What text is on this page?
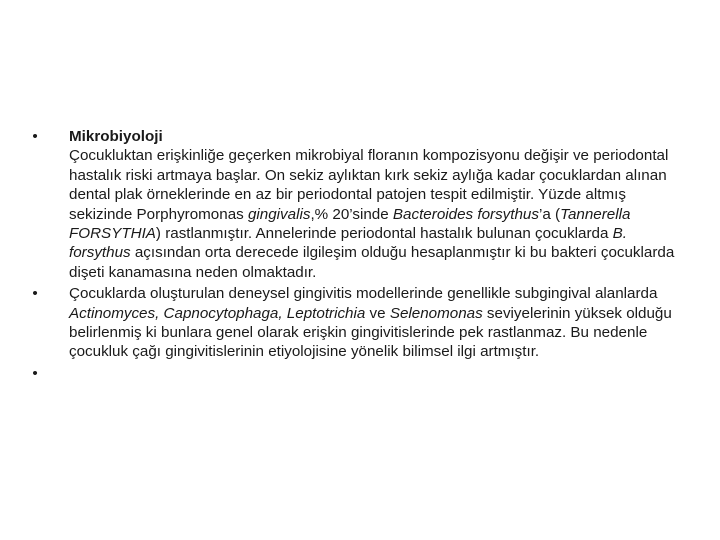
• Mikrobiyoloji
Çocukluktan erişkinliğe geçerken mikrobiyal floranın kompozisyonu değişir ve periodontal hastalık riski artmaya başlar. On sekiz aylıktan kırk sekiz aylığa kadar çocuklardan alınan dental plak örneklerinde en az bir periodontal patojen tespit edilmiştir. Yüzde altmış sekizinde Porphyromonas gingivalis,% 20’sinde Bacteroides forsythus’a (Tannerella FORSYTHIA) rastlanmıştır. Annelerinde periodontal hastalık bulunan çocuklarda B. forsythus açısından orta derecede ilgileşim olduğu hesaplanmıştır ki bu bakteri çocuklarda dişeti kanamasına neden olmaktadır.
• Çocuklarda oluşturulan deneysel gingivitis modellerinde genellikle subgingival alanlarda Actinomyces, Capnocytophaga, Leptotrichia ve Selenomonas seviyelerinin yüksek olduğu belirlenmiş ki bunlara genel olarak erişkin gingivitislerinde pek rastlanmaz. Bu nedenle çocukluk çağı gingivitislerinin etiyolojisine yönelik bilimsel ilgi artmıştır.
•
